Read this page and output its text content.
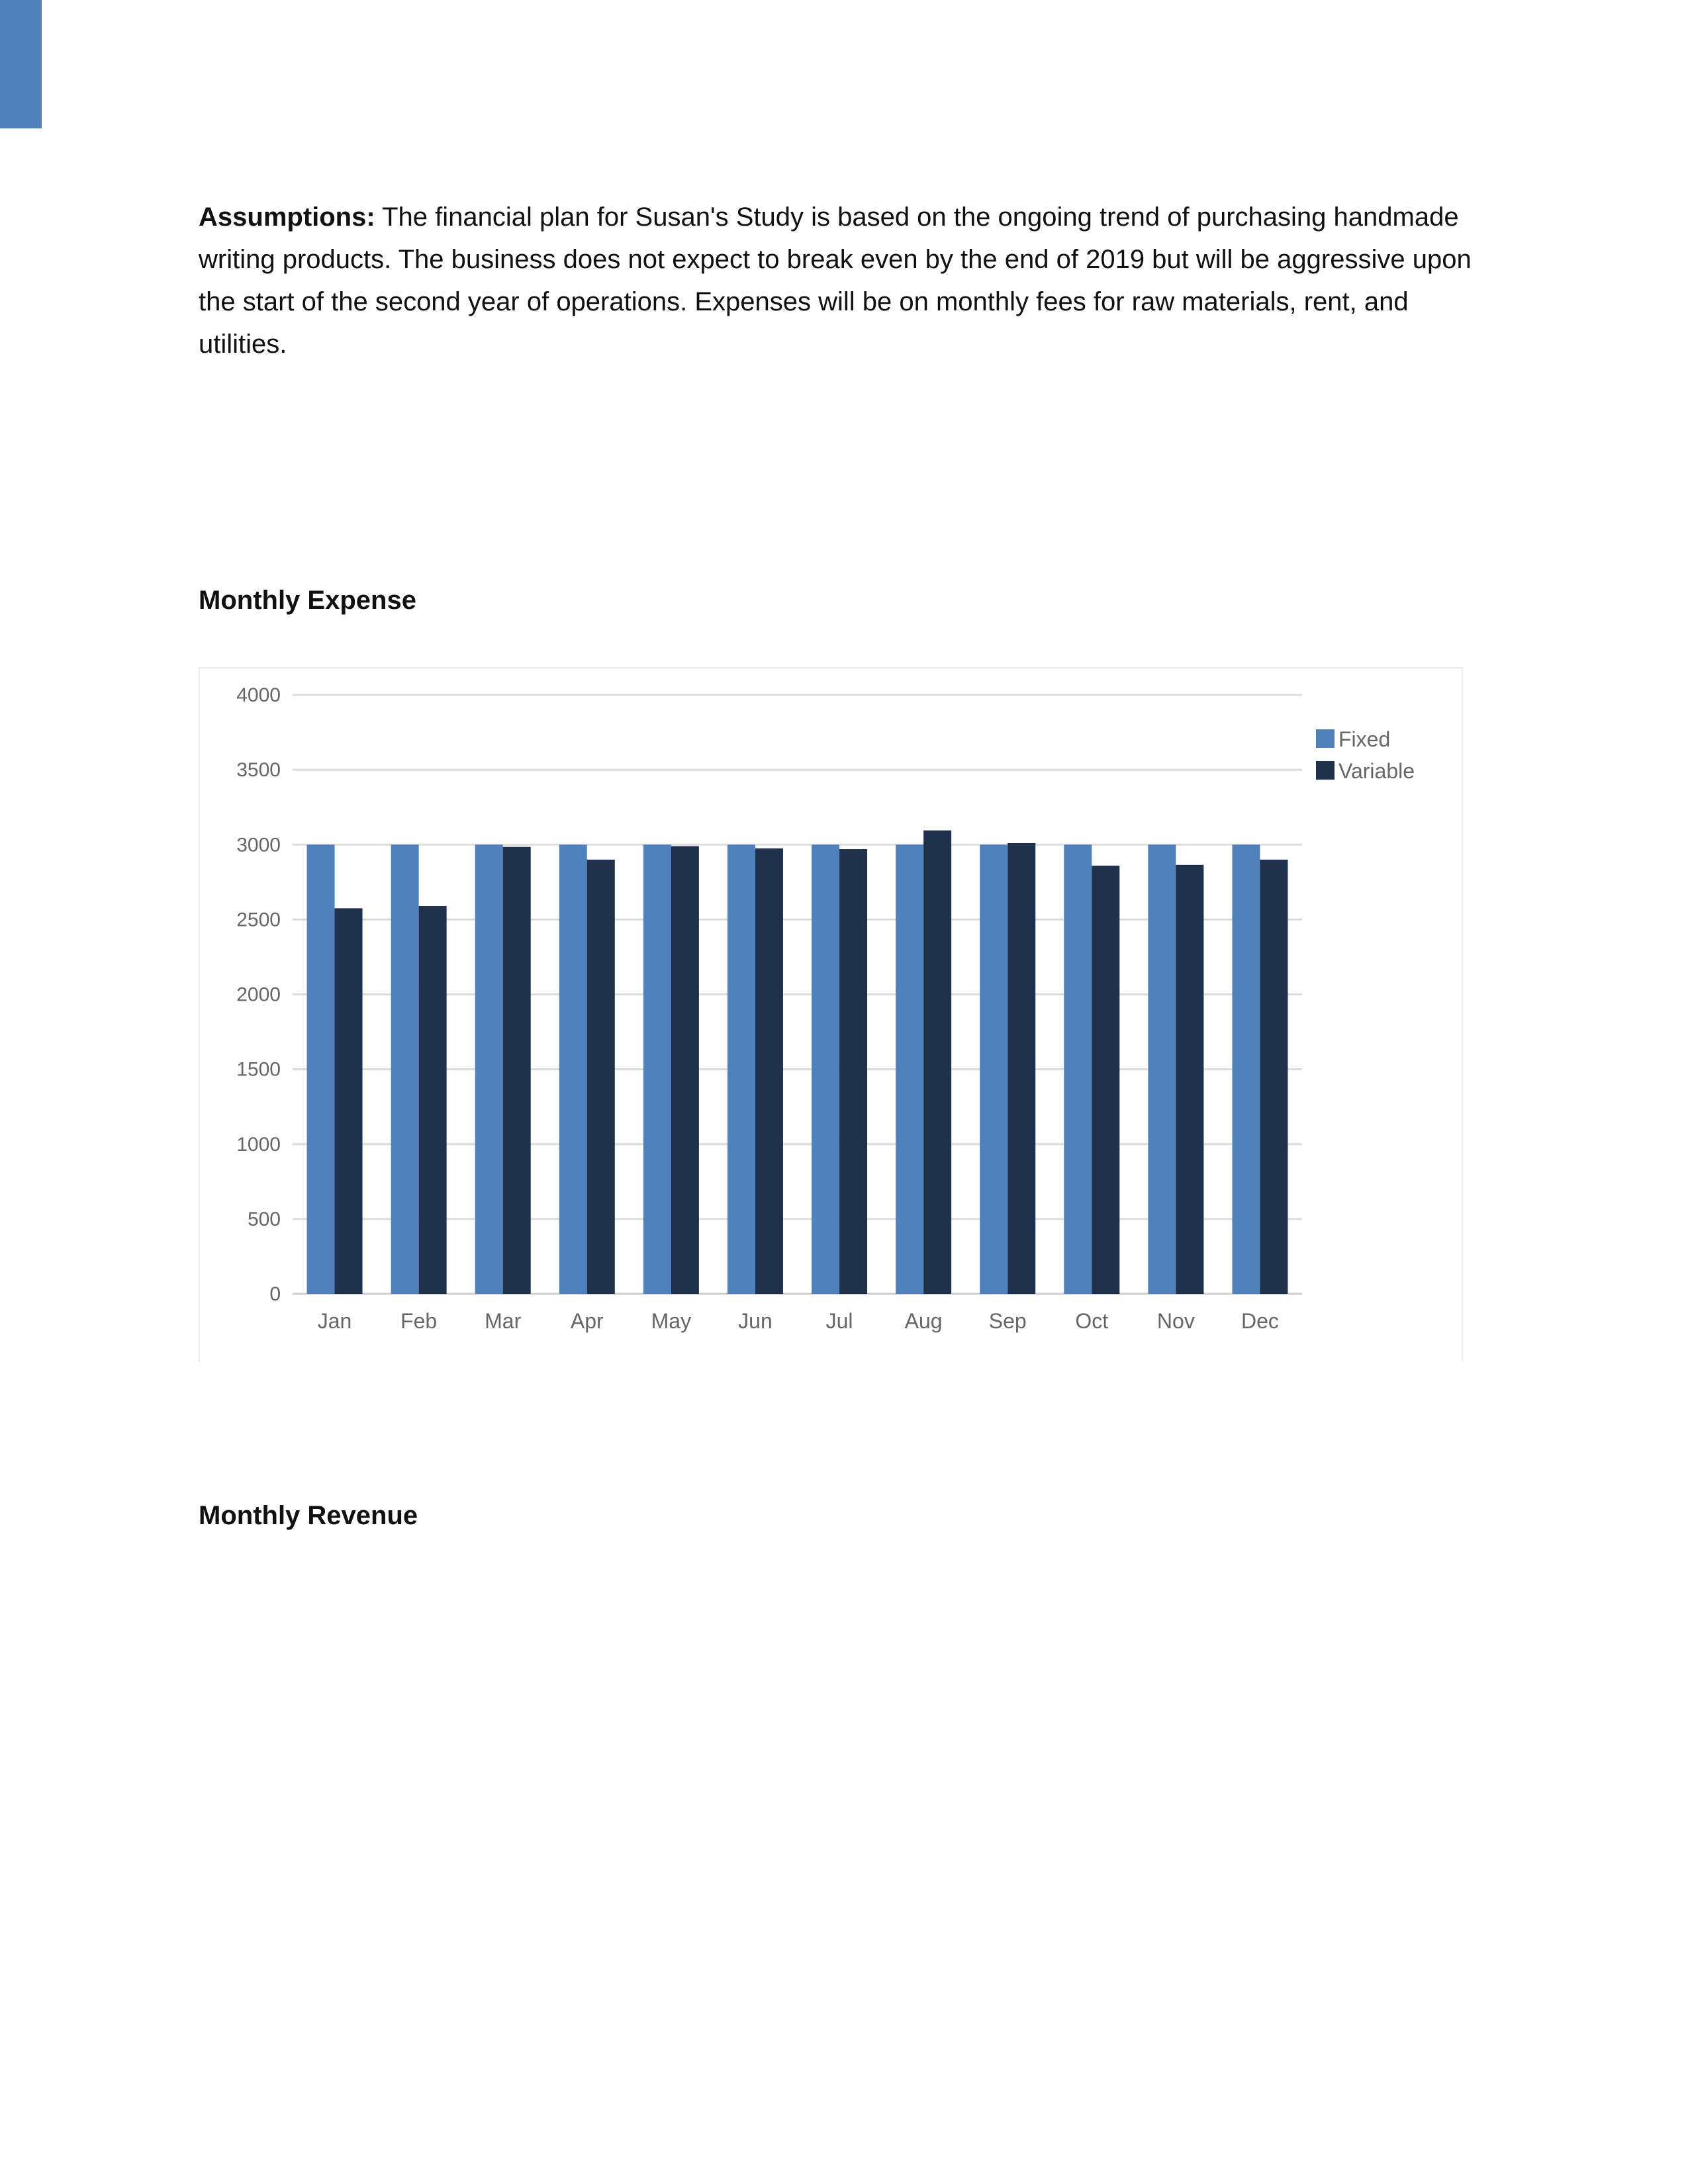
Assumptions: The financial plan for Susan's Study is based on the ongoing trend of purchasing handmade writing products. The business does not expect to break even by the end of 2019 but will be aggressive upon the start of the second year of operations. Expenses will be on monthly fees for raw materials, rent, and utilities.

Monthly Expense
0
500
1000
1500
2000
2500
3000
3500
4000
Jan Feb Mar Apr May Jun	Jul Aug Sep Oct Nov Dec
Fixed
Variable
Monthly Revenue
